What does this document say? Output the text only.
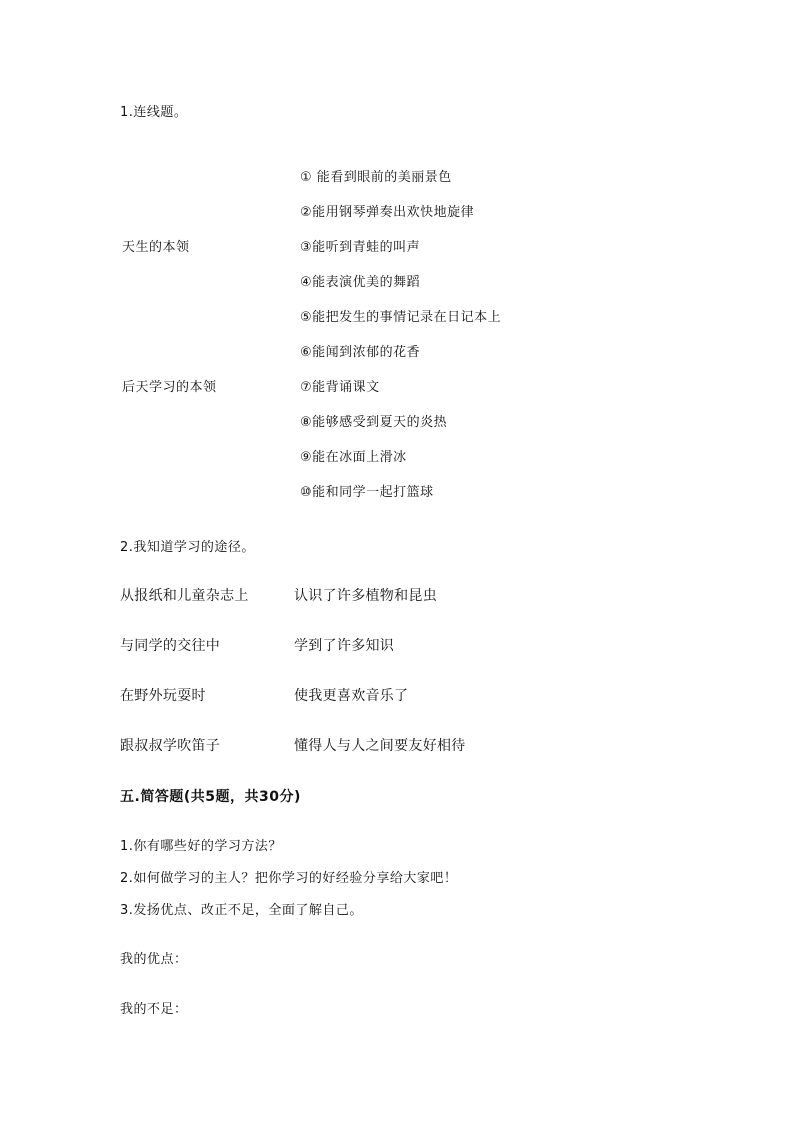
1.连线题。
天生的本领
后天学习的本领
① 能看到眼前的美丽景色
②能用钢琴弹奏出欢快地旋律
③能听到青蛙的叫声
④能表演优美的舞蹈
⑤能把发生的事情记录在日记本上
⑥能闻到浓郁的花香
⑦能背诵课文
⑧能够感受到夏天的炎热
⑨能在冰面上滑冰
⑩能和同学一起打篮球
2.我知道学习的途径。
从报纸和儿童杂志上
与同学的交往中
在野外玩耍时
跟叔叔学吹笛子
认识了许多植物和昆虫
学到了许多知识
使我更喜欢音乐了
懂得人与人之间要友好相待
五.简答题(共5题，共30分)
1.你有哪些好的学习方法？
2.如何做学习的主人？把你学习的好经验分享给大家吧！
3.发扬优点、改正不足，全面了解自己。
我的优点：
我的不足：
